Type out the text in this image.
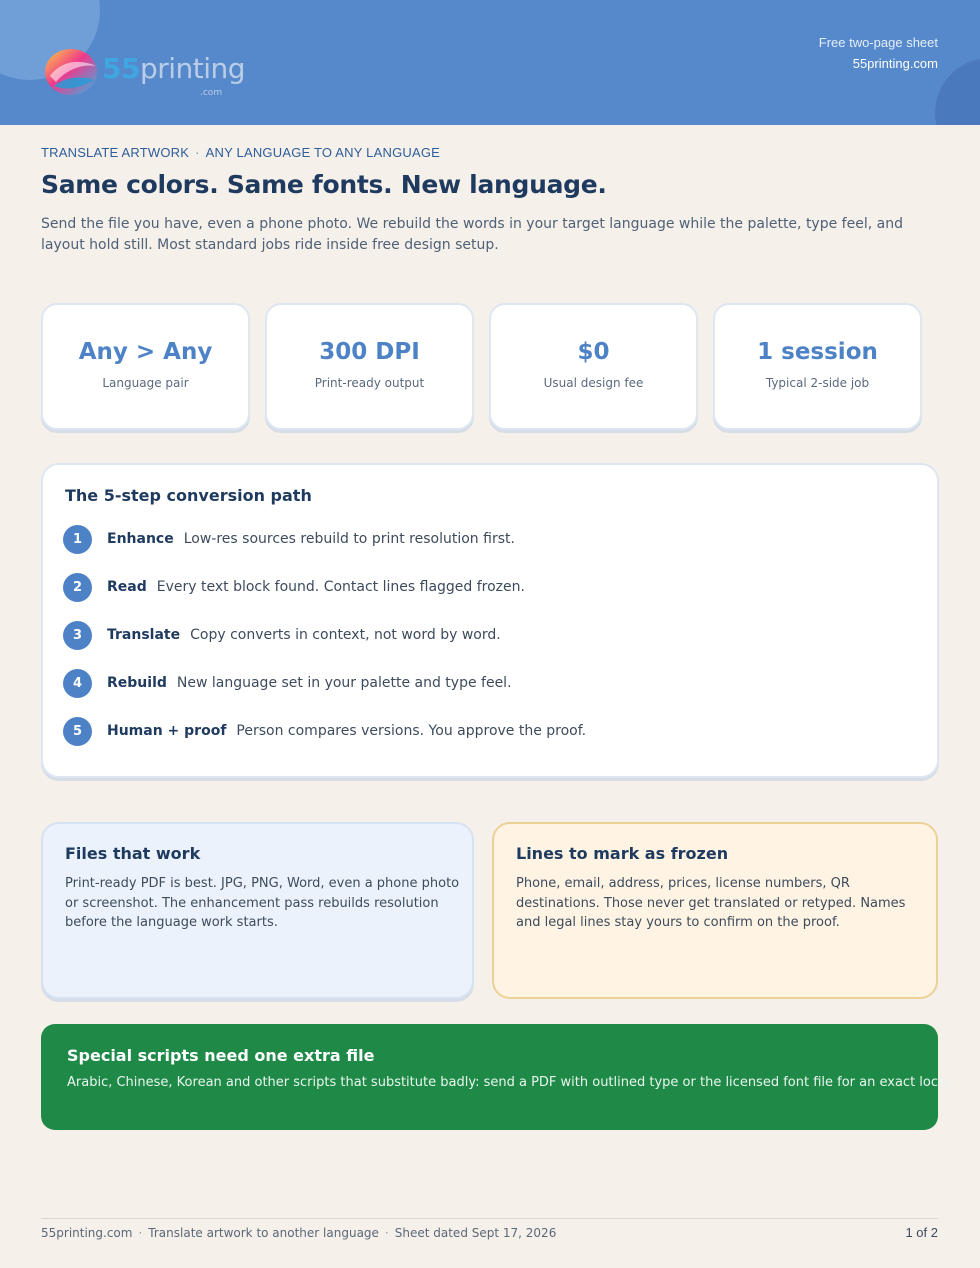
55printing
.com
Free two-page sheet
55printing.com
TRANSLATE ARTWORK · ANY LANGUAGE TO ANY LANGUAGE
Same colors. Same fonts. New language.

Send the file you have, even a phone photo. We rebuild the words in your target language while the palette, type feel, and layout hold still. Most standard jobs ride inside free design setup.

Any > Any
Language pair
300 DPI
Print-ready output
$0
Usual design fee
1 session
Typical 2-side job
The 5-step conversion path
1	Enhance Low-res sources rebuild to print resolution first.
2	Read Every text block found. Contact lines flagged frozen.
3	Translate Copy converts in context, not word by word.
4	Rebuild New language set in your palette and type feel.
5	Human + proof Person compares versions. You approve the proof.
Files that work

Print-ready PDF is best. JPG, PNG, Word, even a phone photo or screenshot. The enhancement pass rebuilds resolution before the language work starts.

Lines to mark as frozen

Phone, email, address, prices, license numbers, QR destinations. Those never get translated or retyped. Names and legal lines stay yours to confirm on the proof.

Special scripts need one extra file

Arabic, Chinese, Korean and other scripts that substitute badly: send a PDF with outlined type or the licensed font file for an exact lock.

55printing.com · Translate artwork to another language · Sheet dated Sept 17, 2026	1 of 2
